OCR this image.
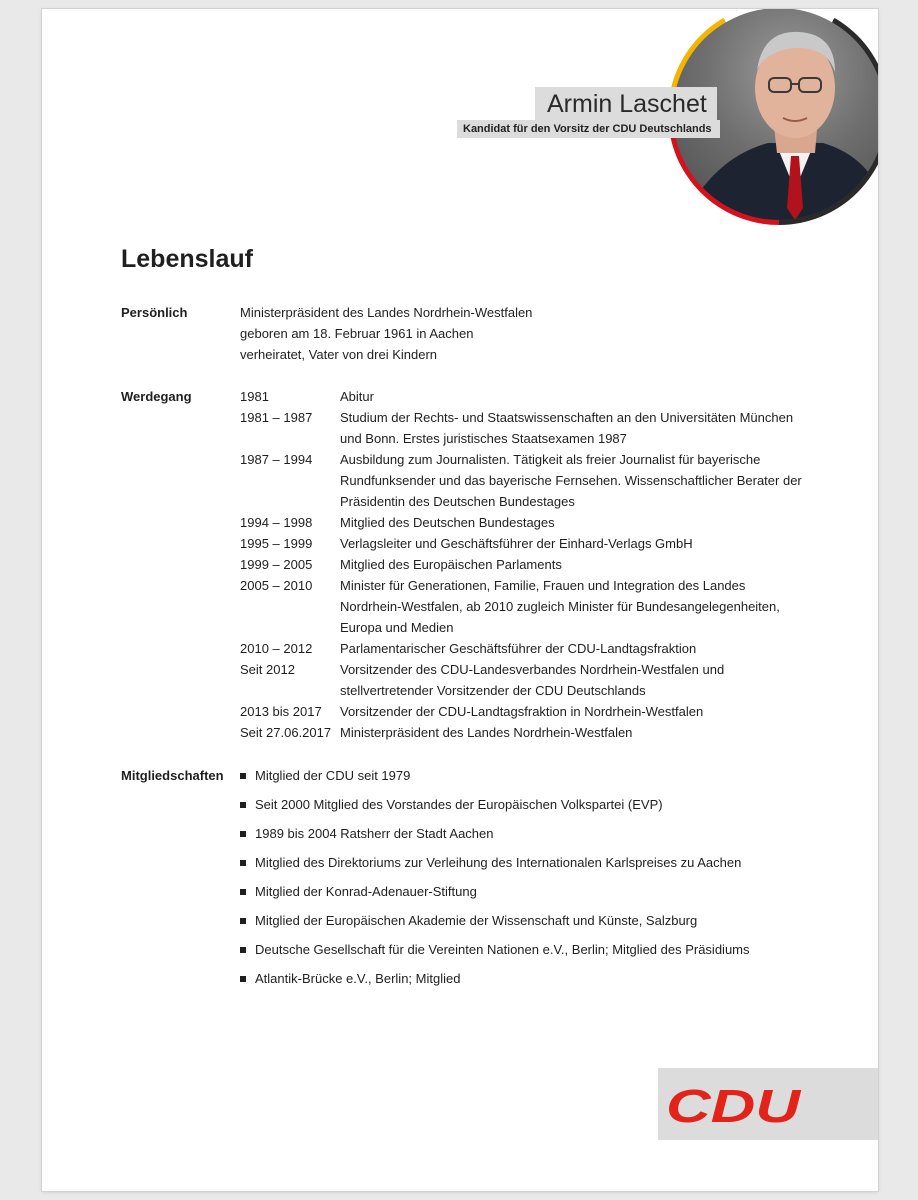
Armin Laschet
Kandidat für den Vorsitz der CDU Deutschlands
Lebenslauf
Persönlich	Ministerpräsident des Landes Nordrhein-Westfalen
geboren am 18. Februar 1961 in Aachen
verheiratet, Vater von drei Kindern
Werdegang	1981	Abitur
1981 – 1987	Studium der Rechts- und Staatswissenschaften an den Universitäten München und Bonn. Erstes juristisches Staatsexamen 1987
1987 – 1994	Ausbildung zum Journalisten. Tätigkeit als freier Journalist für bayerische Rundfunksender und das bayerische Fernsehen. Wissenschaftlicher Berater der Präsidentin des Deutschen Bundestages
1994 – 1998	Mitglied des Deutschen Bundestages
1995 – 1999	Verlagsleiter und Geschäftsführer der Einhard-Verlags GmbH
1999 – 2005	Mitglied des Europäischen Parlaments
2005 – 2010	Minister für Generationen, Familie, Frauen und Integration des Landes Nordrhein-Westfalen, ab 2010 zugleich Minister für Bundesangelegenheiten, Europa und Medien
2010 – 2012	Parlamentarischer Geschäftsführer der CDU-Landtagsfraktion
Seit 2012	Vorsitzender des CDU-Landesverbandes Nordrhein-Westfalen und stellvertretender Vorsitzender der CDU Deutschlands
2013 bis 2017	Vorsitzender der CDU-Landtagsfraktion in Nordrhein-Westfalen
Seit 27.06.2017 Ministerpräsident des Landes Nordrhein-Westfalen
Mitgliedschaften	Mitglied der CDU seit 1979
Seit 2000 Mitglied des Vorstandes der Europäischen Volkspartei (EVP)
1989 bis 2004 Ratsherr der Stadt Aachen
Mitglied des Direktoriums zur Verleihung des Internationalen Karlspreises zu Aachen
Mitglied der Konrad-Adenauer-Stiftung
Mitglied der Europäischen Akademie der Wissenschaft und Künste, Salzburg
Deutsche Gesellschaft für die Vereinten Nationen e.V., Berlin; Mitglied des Präsidiums
Atlantik-Brücke e.V., Berlin; Mitglied
CDU
